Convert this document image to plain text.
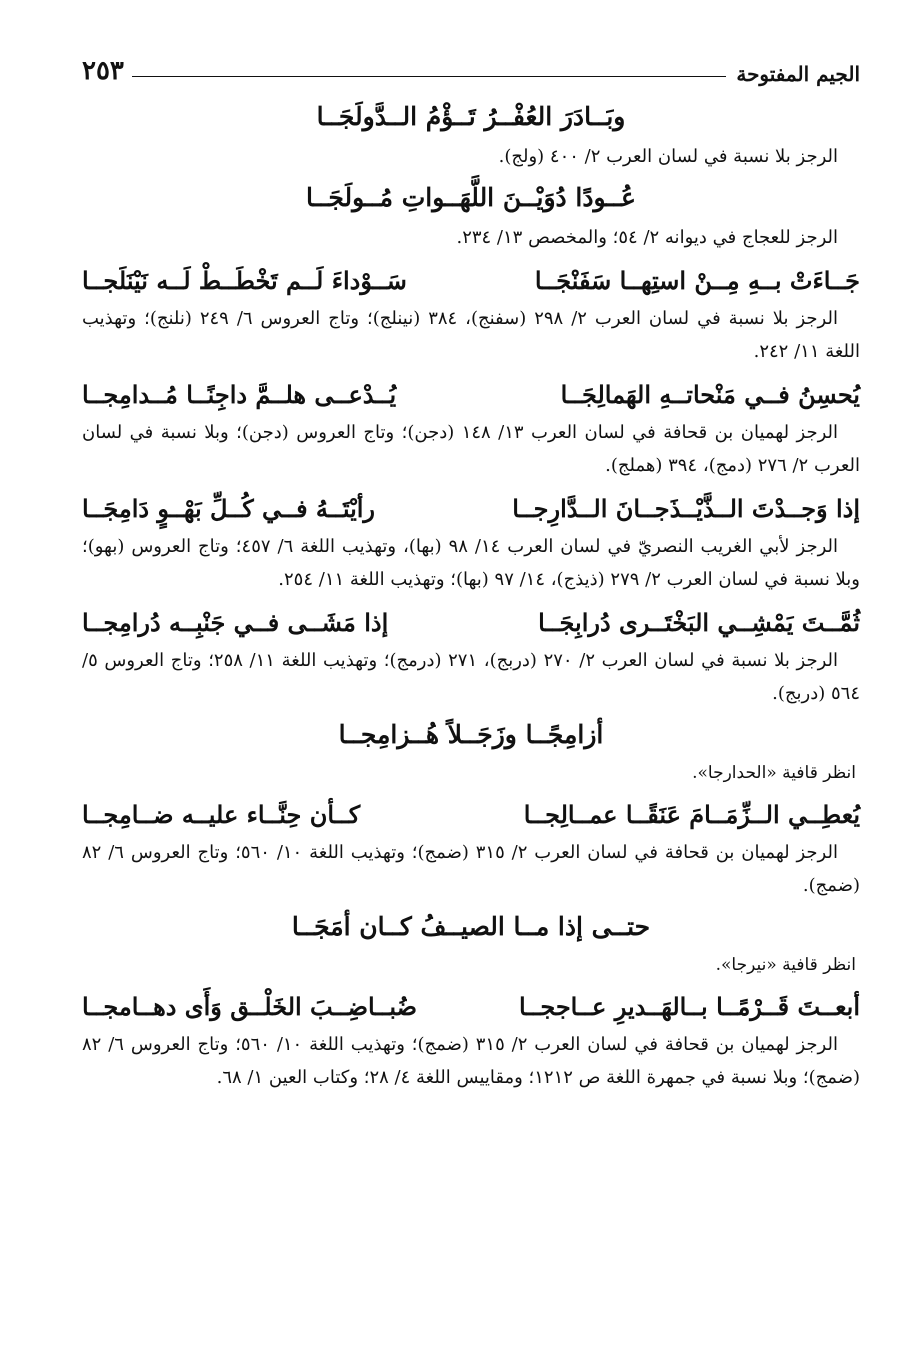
الجيم المفتوحة
٢٥٣
وبَــادَرَ العُفْــرُ تَــؤْمُ الــدَّولَجَــا
الرجز بلا نسبة في لسان العرب ٢/ ٤٠٠ (ولج).
عُــودًا دُوَيْــنَ اللَّهَــواتِ مُــولَجَــا
الرجز للعجاج في ديوانه ٢/ ٥٤؛ والمخصص ١٣/ ٢٣٤.
جَــاءَتْ بــهِ مِــنْ استِهــا سَفَنْجَــا
سَــوْداءَ لَــم تَخْطَــطْ لَــه نَيْنَلَجــا
الرجز بلا نسبة في لسان العرب ٢/ ٢٩٨ (سفنج)، ٣٨٤ (نينلج)؛ وتاج العروس ٦/ ٢٤٩ (نلنج)؛ وتهذيب اللغة ١١/ ٢٤٢.
يُحسِنُ فــي مَنْحاتــهِ الهَمالِجَــا
يُــدْعــى هلــمَّ داجِنًــا مُــدامِجــا
الرجز لهميان بن قحافة في لسان العرب ١٣/ ١٤٨ (دجن)؛ وتاج العروس (دجن)؛ وبلا نسبة في لسان العرب ٢/ ٢٧٦ (دمج)، ٣٩٤ (هملج).
إذا وَجــدْتَ الــذَّيْــذَجــانَ الــدَّارِجــا
رأيْتَــهُ فــي كُــلِّ بَهْــوٍ دَامِجَــا
الرجز لأبي الغريب النصريّ في لسان العرب ١٤/ ٩٨ (بها)، وتهذيب اللغة ٦/ ٤٥٧؛ وتاج العروس (بهو)؛ وبلا نسبة في لسان العرب ٢/ ٢٧٩ (ذيذج)، ١٤/ ٩٧ (بها)؛ وتهذيب اللغة ١١/ ٢٥٤.
ثُمَّــتَ يَمْشِــي البَخْتَــرى دُرابِجَــا
إذا مَشَــى فــي جَنْبِــه دُرامِجــا
الرجز بلا نسبة في لسان العرب ٢/ ٢٧٠ (دربج)، ٢٧١ (درمج)؛ وتهذيب اللغة ١١/ ٢٥٨؛ وتاج العروس ٥/ ٥٦٤ (دربج).
أزامِجًــا وزَجَــلاً هُــزامِجــا
انظر قافية «الحدارجا».
يُعطِــي الــزِّمَــامَ عَنَقًــا عمــالِجــا
كــأن حِنَّــاء عليــه ضــامِجــا
الرجز لهميان بن قحافة في لسان العرب ٢/ ٣١٥ (ضمج)؛ وتهذيب اللغة ١٠/ ٥٦٠؛ وتاج العروس ٦/ ٨٢ (ضمج).
حتــى إذا مــا الصيــفُ كــان أمَجَــا
انظر قافية «نيرجا».
أبعــتَ قَــرْمًــا بــالهَــديرِ عــاججــا
ضُبــاضِــبَ الخَلْــق وَأَى دهــامجــا
الرجز لهميان بن قحافة في لسان العرب ٢/ ٣١٥ (ضمج)؛ وتهذيب اللغة ١٠/ ٥٦٠؛ وتاج العروس ٦/ ٨٢ (ضمج)؛ وبلا نسبة في جمهرة اللغة ص ١٢١٢؛ ومقاييس اللغة ٤/ ٢٨؛ وكتاب العين ١/ ٦٨.
